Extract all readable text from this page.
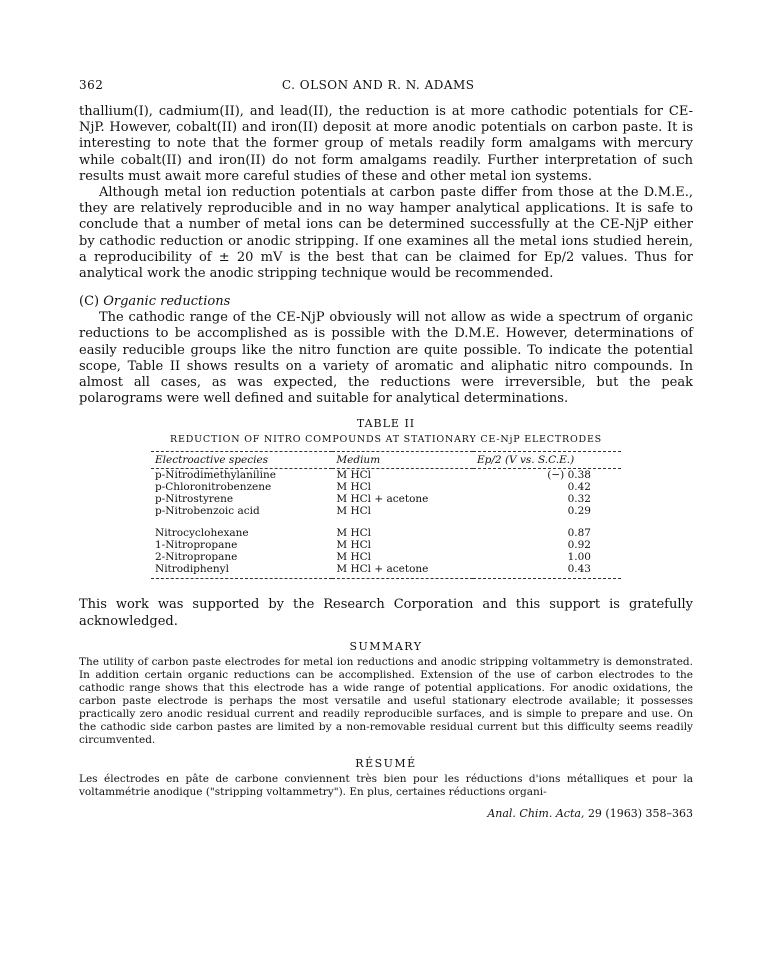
362	C. OLSON AND R. N. ADAMS

thallium(I), cadmium(II), and lead(II), the reduction is at more cathodic potentials for CE-NjP. However, cobalt(II) and iron(II) deposit at more anodic potentials on carbon paste. It is interesting to note that the former group of metals readily form amalgams with mercury while cobalt(II) and iron(II) do not form amalgams readily. Further interpretation of such results must await more careful studies of these and other metal ion systems.

Although metal ion reduction potentials at carbon paste differ from those at the D.M.E., they are relatively reproducible and in no way hamper analytical applications. It is safe to conclude that a number of metal ions can be determined successfully at the CE-NjP either by cathodic reduction or anodic stripping. If one examines all the metal ions studied herein, a reproducibility of ± 20 mV is the best that can be claimed for Ep/2 values. Thus for analytical work the anodic stripping technique would be recommended.

(C) Organic reductions

The cathodic range of the CE-NjP obviously will not allow as wide a spectrum of organic reductions to be accomplished as is possible with the D.M.E. However, determinations of easily reducible groups like the nitro function are quite possible. To indicate the potential scope, Table II shows results on a variety of aromatic and aliphatic nitro compounds. In almost all cases, as was expected, the reductions were irreversible, but the peak polarograms were well defined and suitable for analytical determinations.

TABLE II
REDUCTION OF NITRO COMPOUNDS AT STATIONARY CE-NjP ELECTRODES
Electroactive species	Medium	Ep/2 (V vs. S.C.E.)
p-Nitrodimethylaniline	M HCl	(−) 0.38
p-Chloronitrobenzene	M HCl	0.42
p-Nitrostyrene	M HCl + acetone	0.32
p-Nitrobenzoic acid	M HCl	0.29

Nitrocyclohexane	M HCl	0.87
1-Nitropropane	M HCl	0.92
2-Nitropropane	M HCl	1.00
Nitrodiphenyl	M HCl + acetone	0.43

This work was supported by the Research Corporation and this support is gratefully acknowledged.

SUMMARY

The utility of carbon paste electrodes for metal ion reductions and anodic stripping voltammetry is demonstrated. In addition certain organic reductions can be accomplished. Extension of the use of carbon electrodes to the cathodic range shows that this electrode has a wide range of potential applications. For anodic oxidations, the carbon paste electrode is perhaps the most versatile and useful stationary electrode available; it possesses practically zero anodic residual current and readily reproducible surfaces, and is simple to prepare and use. On the cathodic side carbon pastes are limited by a non-removable residual current but this difficulty seems readily circumvented.

RÉSUMÉ

Les électrodes en pâte de carbone conviennent très bien pour les réductions d'ions métalliques et pour la voltammétrie anodique ("stripping voltammetry"). En plus, certaines réductions organi-

Anal. Chim. Acta, 29 (1963) 358–363
